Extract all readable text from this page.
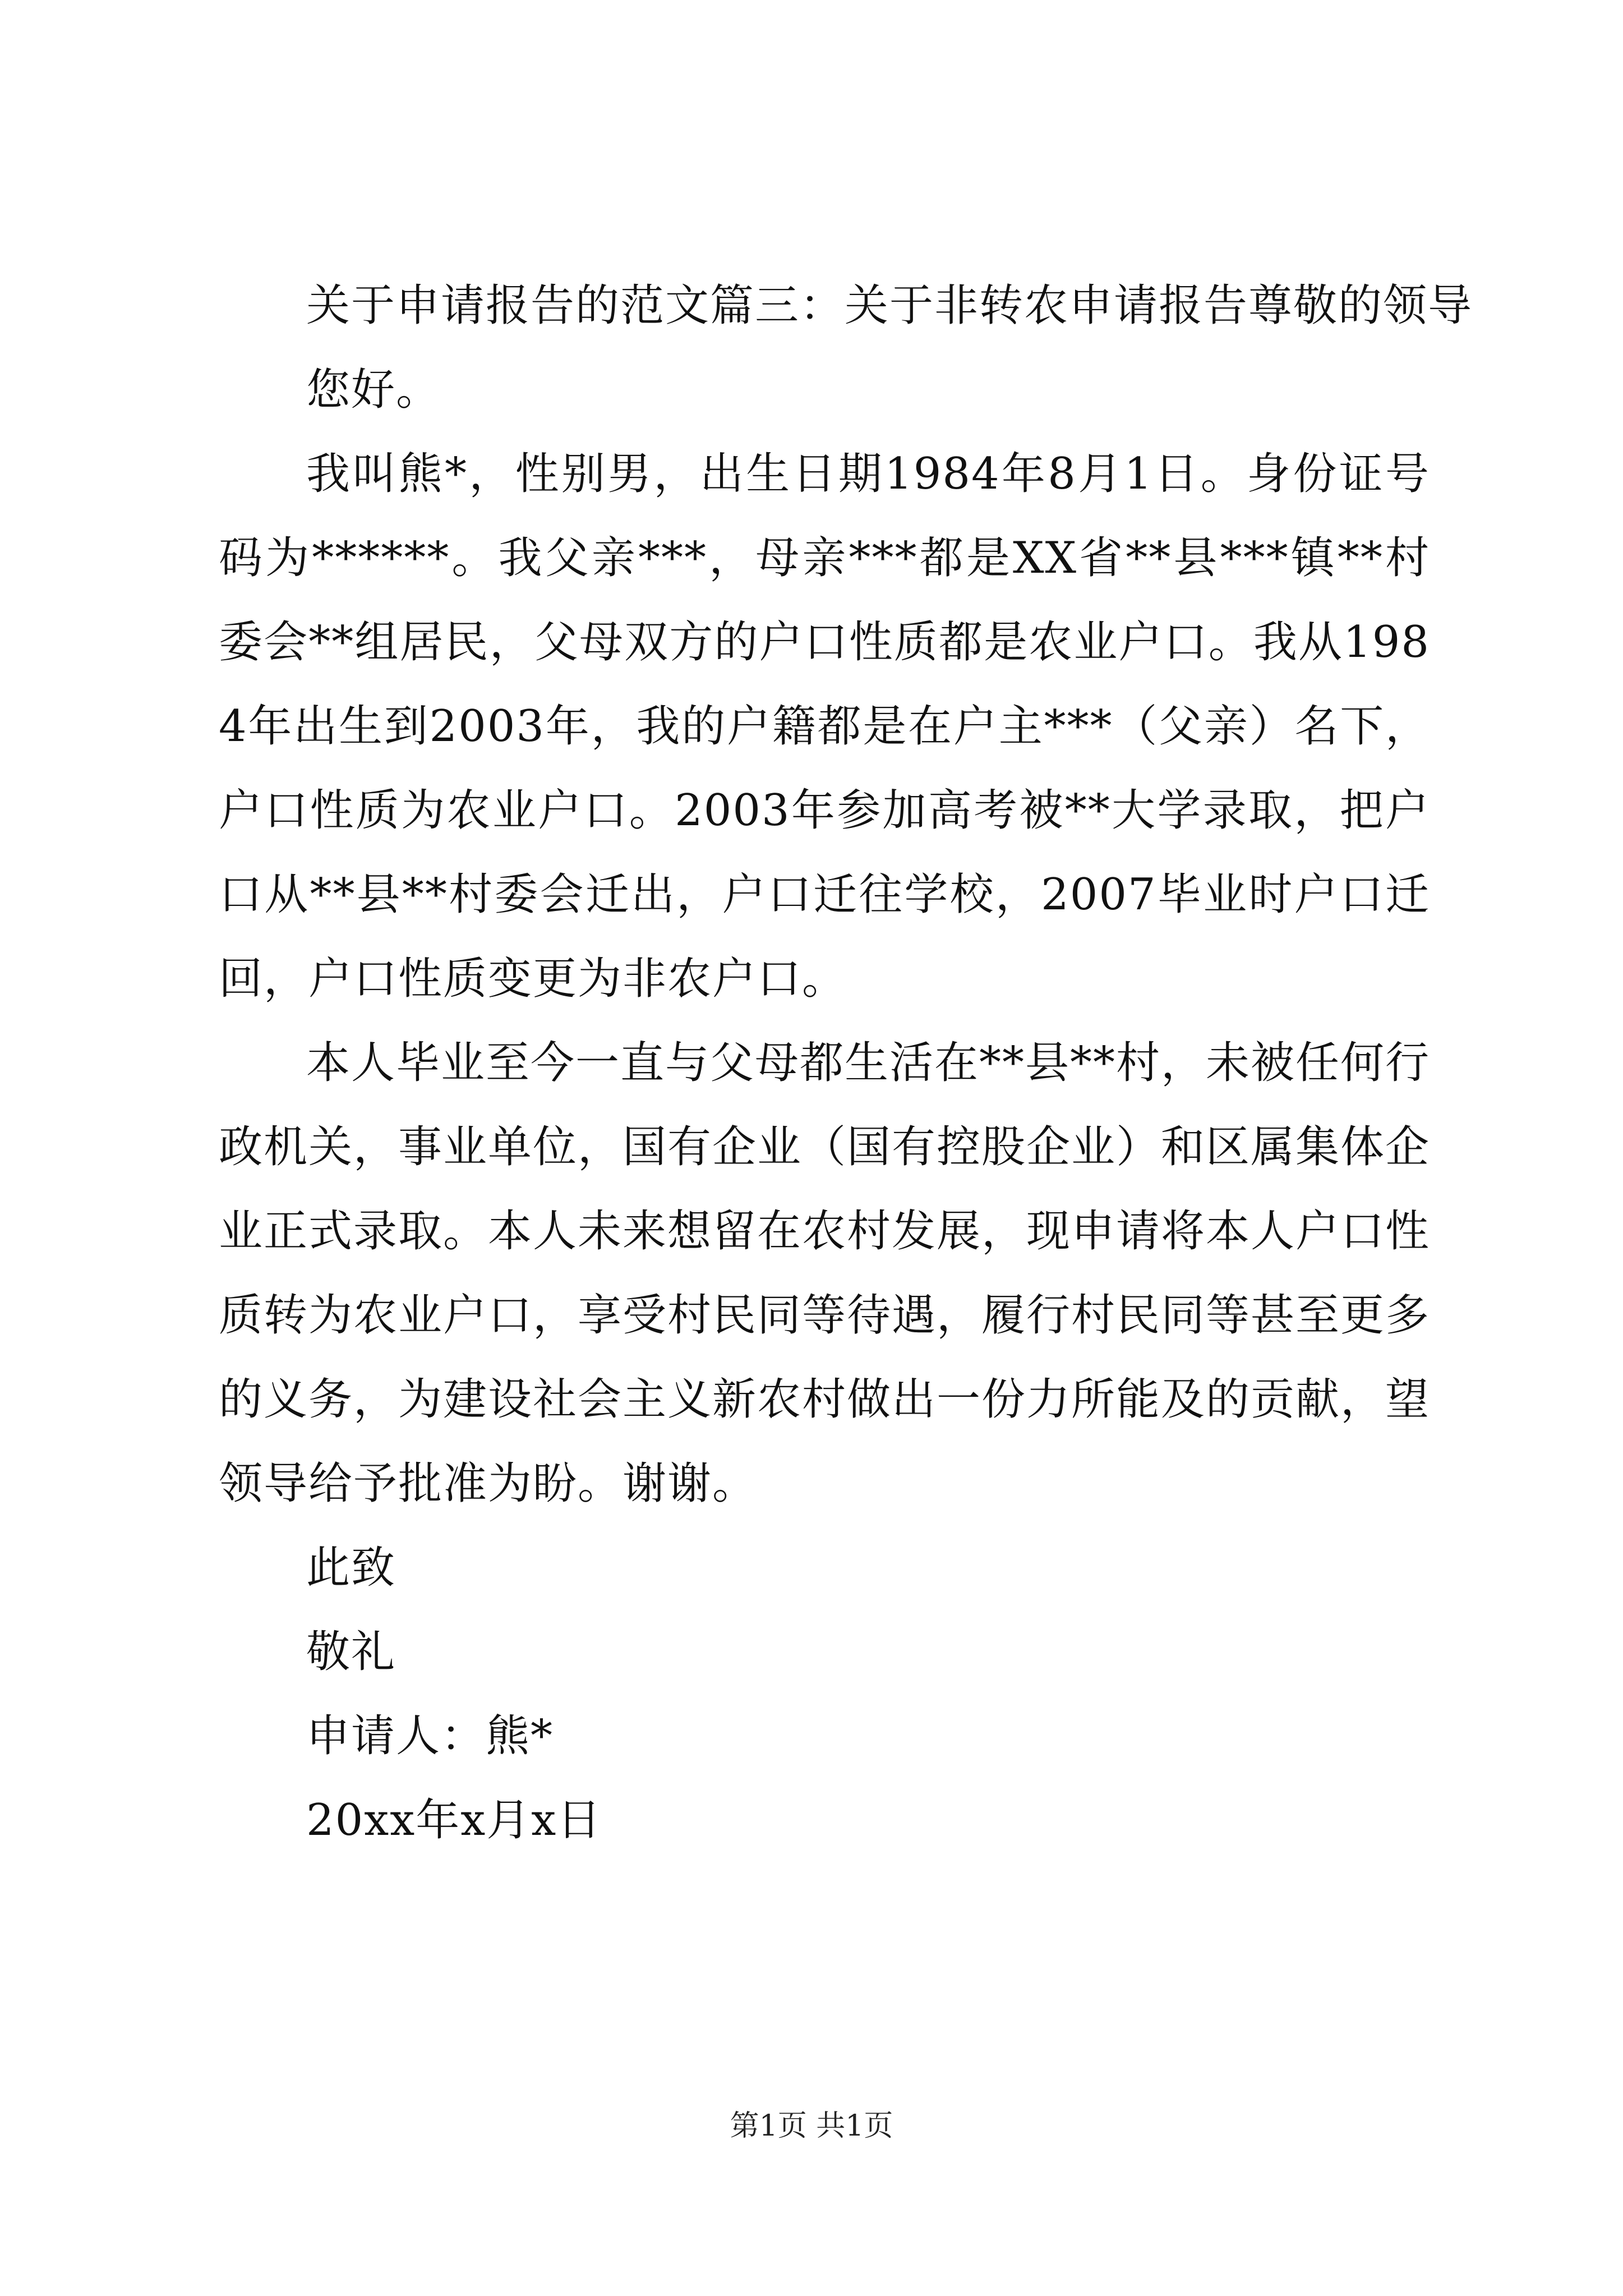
关于申请报告的范文篇三：关于非转农申请报告尊敬的领导

您好。

我叫熊*，性别男，出生日期1984年8月1日。身份证号码为******。我父亲***，母亲***都是XX省**县***镇**村委会**组居民，父母双方的户口性质都是农业户口。我从1984年出生到2003年，我的户籍都是在户主***（父亲）名下，户口性质为农业户口。2003年参加高考被**大学录取，把户口从**县**村委会迁出，户口迁往学校，2007毕业时户口迁回，户口性质变更为非农户口。

本人毕业至今一直与父母都生活在**县**村，未被任何行政机关，事业单位，国有企业（国有控股企业）和区属集体企业正式录取。本人未来想留在农村发展，现申请将本人户口性质转为农业户口，享受村民同等待遇，履行村民同等甚至更多的义务，为建设社会主义新农村做出一份力所能及的贡献，望领导给予批准为盼。谢谢。

此致

敬礼

申请人：熊*

20xx年x月x日

第1页 共1页
